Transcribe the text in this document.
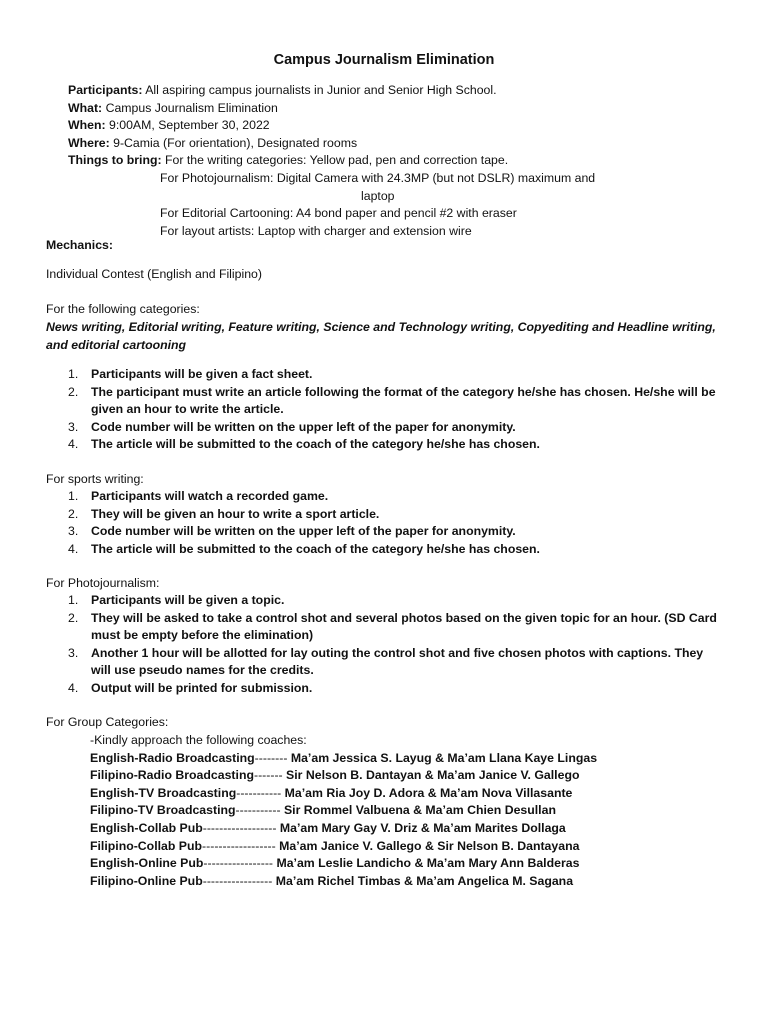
Campus Journalism Elimination
Participants: All aspiring campus journalists in Junior and Senior High School.
What: Campus Journalism Elimination
When: 9:00AM, September 30, 2022
Where: 9-Camia (For orientation), Designated rooms
Things to bring: For the writing categories: Yellow pad, pen and correction tape.
For Photojournalism: Digital Camera with 24.3MP (but not DSLR) maximum and
laptop
For Editorial Cartooning: A4 bond paper and pencil #2 with eraser
For layout artists: Laptop with charger and extension wire
Mechanics:
Individual Contest (English and Filipino)
For the following categories:
News writing, Editorial writing, Feature writing, Science and Technology writing, Copyediting and Headline writing,
and editorial cartooning
1. Participants will be given a fact sheet.
2. The participant must write an article following the format of the category he/she has chosen. He/she will be given an hour to write the article.
3. Code number will be written on the upper left of the paper for anonymity.
4. The article will be submitted to the coach of the category he/she has chosen.
For sports writing:
1. Participants will watch a recorded game.
2. They will be given an hour to write a sport article.
3. Code number will be written on the upper left of the paper for anonymity.
4. The article will be submitted to the coach of the category he/she has chosen.
For Photojournalism:
1. Participants will be given a topic.
2. They will be asked to take a control shot and several photos based on the given topic for an hour. (SD Card must be empty before the elimination)
3. Another 1 hour will be allotted for lay outing the control shot and five chosen photos with captions. They will use pseudo names for the credits.
4. Output will be printed for submission.
For Group Categories:
-Kindly approach the following coaches:
English-Radio Broadcasting-------- Ma’am Jessica S. Layug & Ma’am Llana Kaye Lingas
Filipino-Radio Broadcasting------- Sir Nelson B. Dantayan & Ma’am Janice V. Gallego
English-TV Broadcasting----------- Ma’am Ria Joy D. Adora & Ma’am Nova Villasante
Filipino-TV Broadcasting----------- Sir Rommel Valbuena & Ma’am Chien Desullan
English-Collab Pub------------------ Ma’am Mary Gay V. Driz & Ma’am Marites Dollaga
Filipino-Collab Pub------------------ Ma’am Janice V. Gallego & Sir Nelson B. Dantayana
English-Online Pub----------------- Ma’am Leslie Landicho & Ma’am Mary Ann Balderas
Filipino-Online Pub----------------- Ma’am Richel Timbas & Ma’am Angelica M. Sagana
